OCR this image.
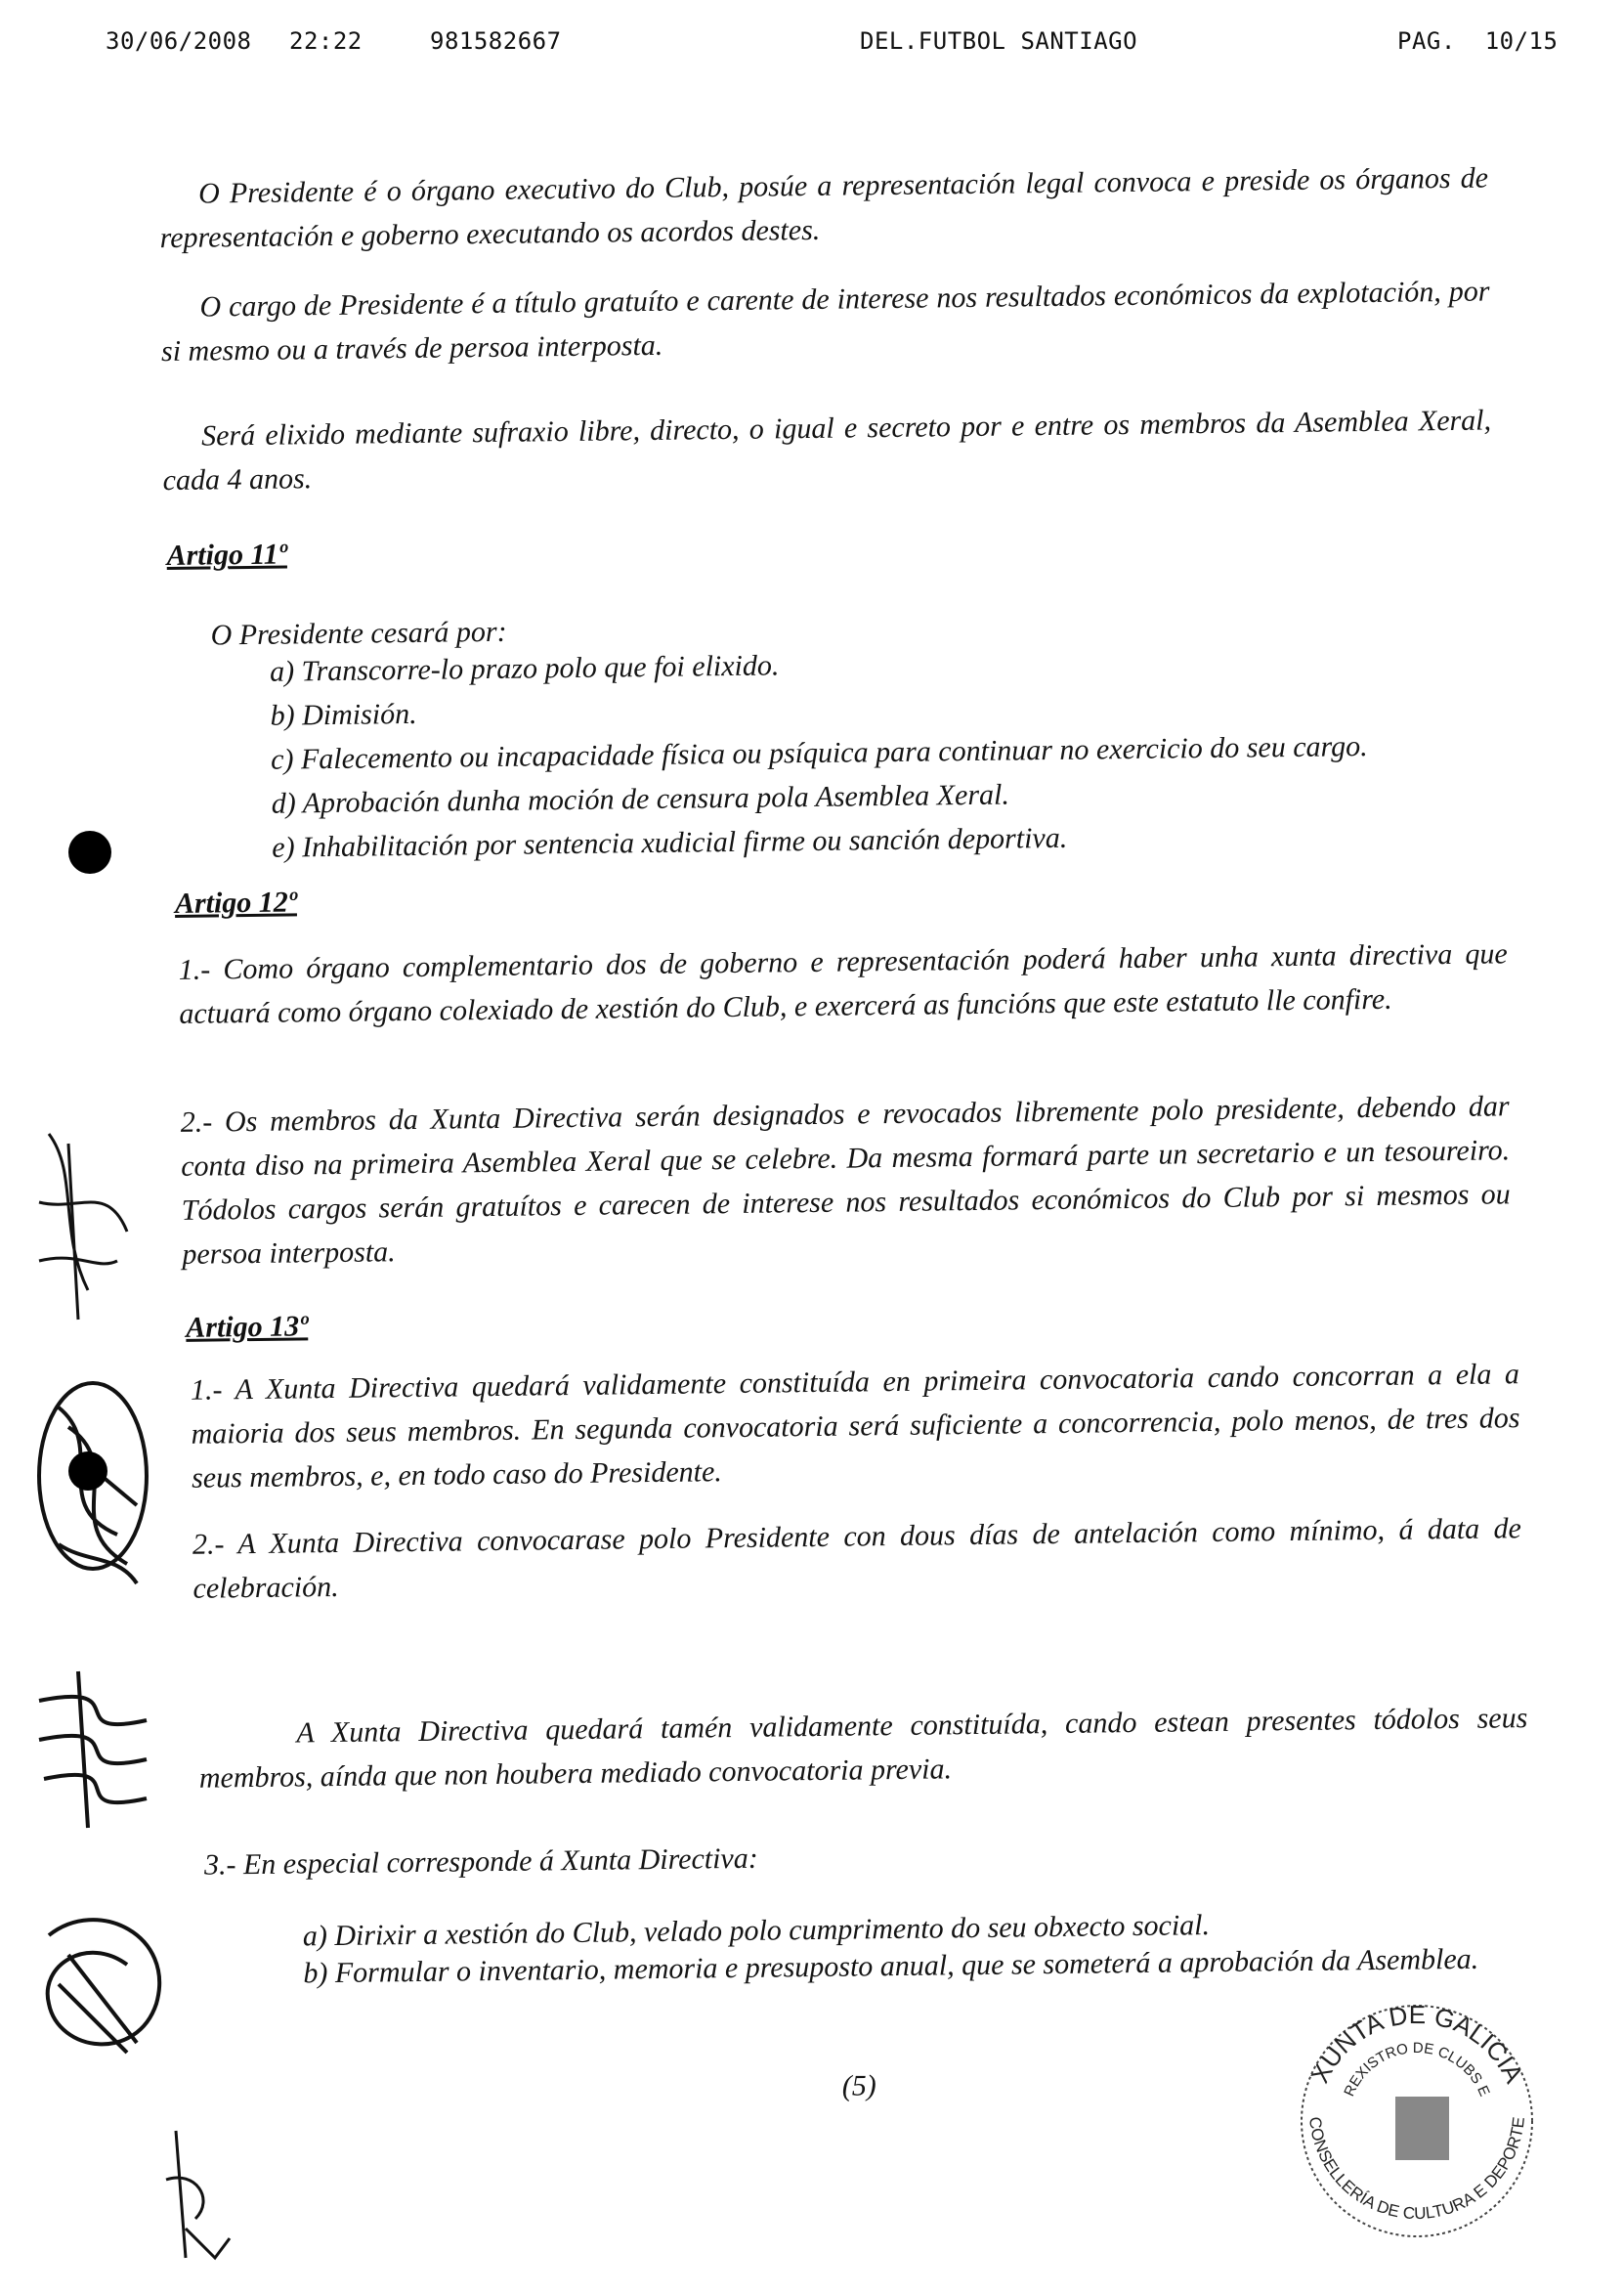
30/06/2008 22:22	981582667	DEL.FUTBOL SANTIAGO	PAG.  10/15
O Presidente é o órgano executivo do Club, posúe a representación legal convoca e preside os órganos de representación e goberno executando os acordos destes.
O cargo de Presidente é a título gratuíto e carente de interese nos resultados económicos da explotación, por si mesmo ou a través de persoa interposta.
Será elixido mediante sufraxio libre, directo, o igual e secreto por e entre os membros da Asemblea Xeral, cada 4 anos.
Artigo 11º
O Presidente cesará por:
a) Transcorre-lo prazo polo que foi elixido.
b) Dimisión.
c) Falecemento ou incapacidade física ou psíquica para continuar no exercicio do seu cargo.
d) Aprobación dunha moción de censura pola Asemblea Xeral.
e) Inhabilitación por sentencia xudicial firme ou sanción deportiva.
Artigo 12º
1.- Como órgano complementario dos de goberno e representación poderá haber unha xunta directiva que actuará como órgano colexiado de xestión do Club, e exercerá as funcións que este estatuto lle confire.
2.- Os membros da Xunta Directiva serán designados e revocados libremente polo presidente, debendo dar conta diso na primeira Asemblea Xeral que se celebre. Da mesma formará parte un secretario e un tesoureiro. Tódolos cargos serán gratuítos e carecen de interese nos resultados económicos do Club por si mesmos ou persoa interposta.
Artigo 13º
1.- A Xunta Directiva quedará validamente constituída en primeira convocatoria cando concorran a ela a maioria dos seus membros. En segunda convocatoria será suficiente a concorrencia, polo menos, de tres dos seus membros, e, en todo caso do Presidente.
2.- A Xunta Directiva convocarase polo Presidente con dous días de antelación como mínimo, á data de celebración.
A Xunta Directiva quedará tamén validamente constituída, cando estean presentes tódolos seus membros, aínda que non houbera mediado convocatoria previa.
3.- En especial corresponde á Xunta Directiva:
a) Dirixir a xestión do Club, velado polo cumprimento do seu obxecto social.
b) Formular o inventario, memoria e presuposto anual, que se someterá a aprobación da Asemblea.
(5)	XUNTA DE GALICIA
REXISTRO DE CLUBS E
CONSELLERÍA DE CULTURA E DEPORTE
